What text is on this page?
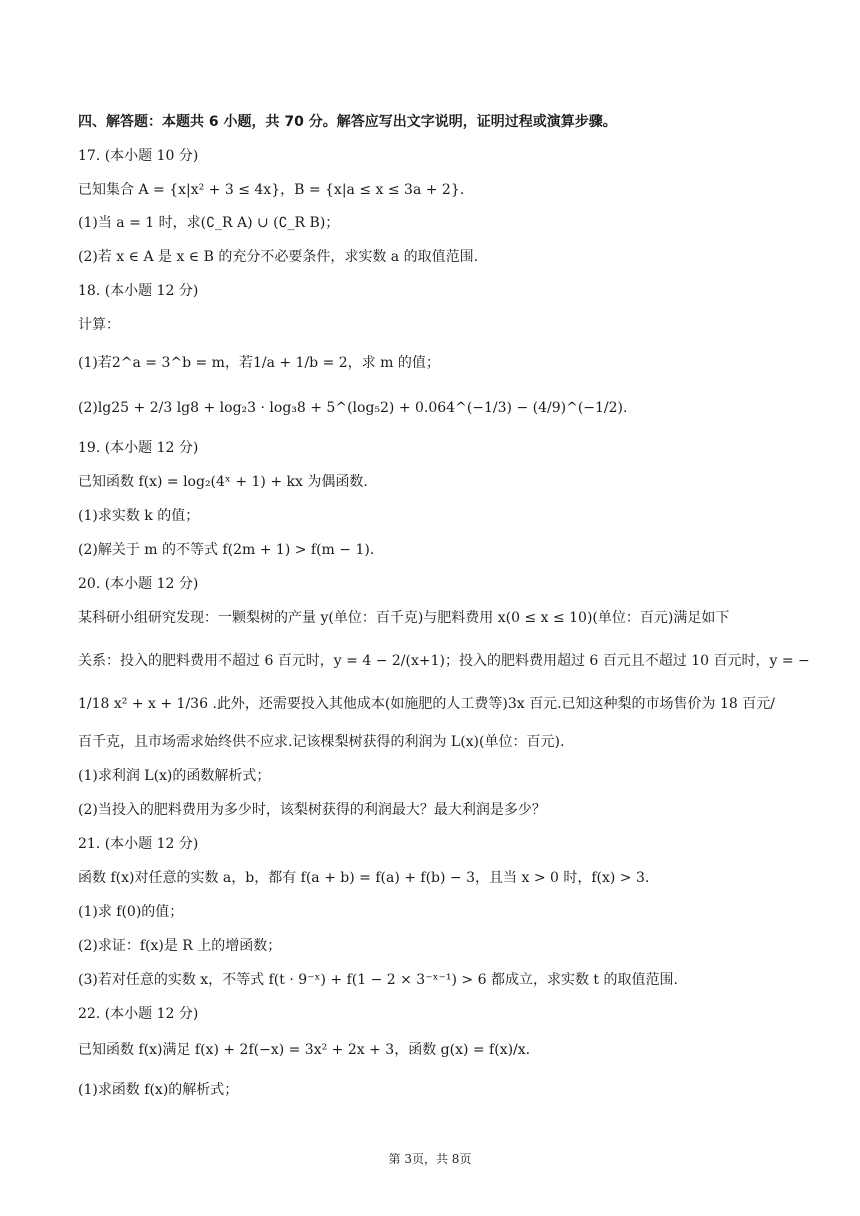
四、解答题：本题共 6 小题，共 70 分。解答应写出文字说明，证明过程或演算步骤。
17. (本小题 10 分)
已知集合 A = {x|x² + 3 ≤ 4x}，B = {x|a ≤ x ≤ 3a + 2}.
(1)当 a = 1 时，求(∁_R A) ∪ (∁_R B)；
(2)若 x ∈ A 是 x ∈ B 的充分不必要条件，求实数 a 的取值范围.
18. (本小题 12 分)
计算：
(1)若2^a = 3^b = m，若1/a + 1/b = 2，求 m 的值；
(2)lg25 + 2/3 lg8 + log₂3 · log₃8 + 5^(log₅2) + 0.064^(−1/3) − (4/9)^(−1/2).
19. (本小题 12 分)
已知函数 f(x) = log₂(4ˣ + 1) + kx 为偶函数.
(1)求实数 k 的值；
(2)解关于 m 的不等式 f(2m + 1) > f(m − 1).
20. (本小题 12 分)
某科研小组研究发现：一颗梨树的产量 y(单位：百千克)与肥料费用 x(0 ≤ x ≤ 10)(单位：百元)满足如下
关系：投入的肥料费用不超过 6 百元时，y = 4 − 2/(x+1)；投入的肥料费用超过 6 百元且不超过 10 百元时，y = −
1/18 x² + x + 1/36 .此外，还需要投入其他成本(如施肥的人工费等)3x 百元.已知这种梨的市场售价为 18 百元/
百千克，且市场需求始终供不应求.记该棵梨树获得的利润为 L(x)(单位：百元).
(1)求利润 L(x)的函数解析式；
(2)当投入的肥料费用为多少时，该梨树获得的利润最大？最大利润是多少？
21. (本小题 12 分)
函数 f(x)对任意的实数 a，b，都有 f(a + b) = f(a) + f(b) − 3，且当 x > 0 时，f(x) > 3.
(1)求 f(0)的值；
(2)求证：f(x)是 R 上的增函数；
(3)若对任意的实数 x，不等式 f(t · 9⁻ˣ) + f(1 − 2 × 3⁻ˣ⁻¹) > 6 都成立，求实数 t 的取值范围.
22. (本小题 12 分)
已知函数 f(x)满足 f(x) + 2f(−x) = 3x² + 2x + 3，函数 g(x) = f(x)/x.
(1)求函数 f(x)的解析式；
第 3页，共 8页
